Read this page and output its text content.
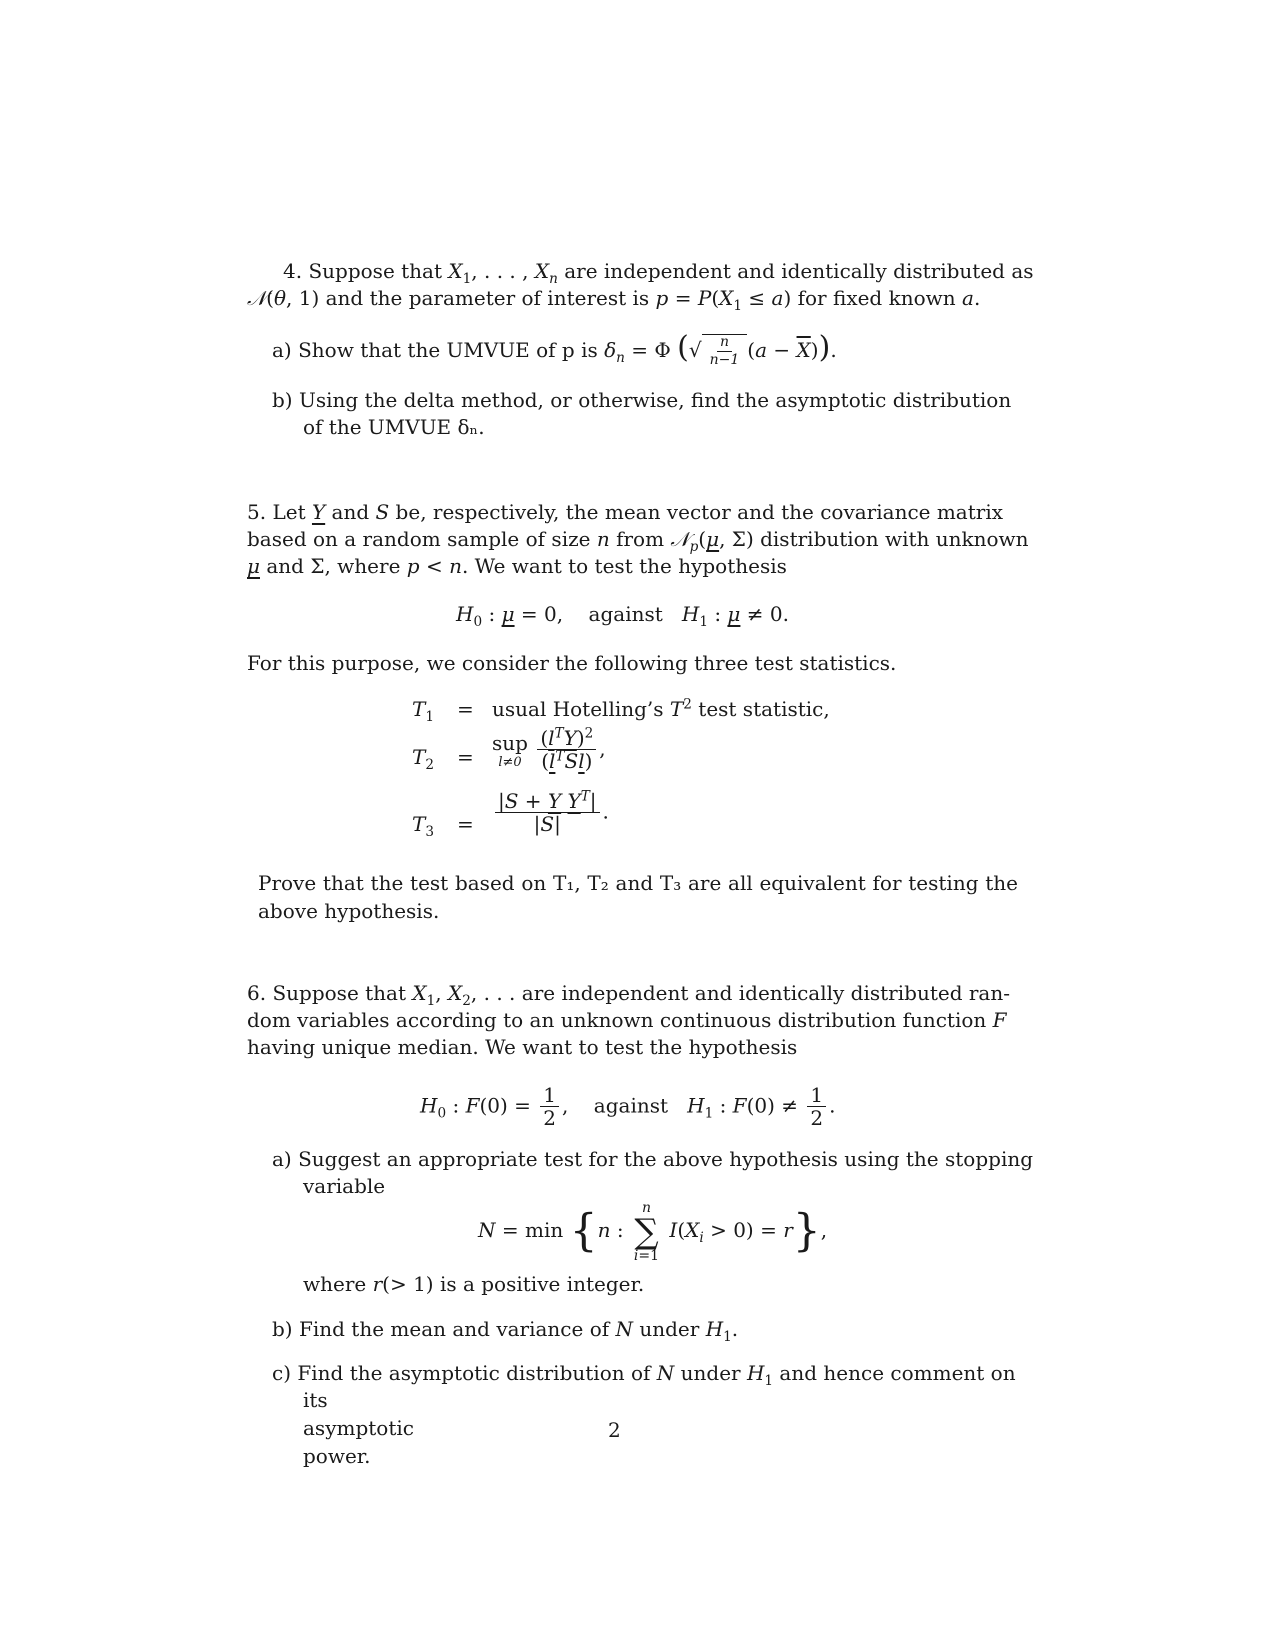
4. Suppose that $X_1$, . . . , $X_n$ are independent and identically distributed as
𝒩(θ, 1) and the parameter of interest is $p = P(X_1 \le a)$ for fixed known a.
a) Show that the UMVUE of p is $\delta_n = \Phi$ (√ $\frac{n}{n-1} (a - \overline{X})$).
b) Using the delta method, or otherwise, find the asymptotic distribution
of the UMVUE δₙ.
5. Let Y and S be, respectively, the mean vector and the covariance matrix
based on a random sample of size n from 𝒩$_p$(μ, Σ) distribution with unknown
μ and Σ, where p < n. We want to test the hypothesis
$H_0$ : μ = 0,    against $H_1$ : μ ≠ 0.
For this purpose, we consider the following three test statistics.
$T_1$ = usual Hotelling’s $T^2$ test statistic,
$T_2$ =
sup
l≠0
$\frac{(l^TY)^2}{(l^TSl)}$ ,
$T_3 = \frac{|S + Y Y^T|}{|S|}$ .
Prove that the test based on T₁, T₂ and T₃ are all equivalent for testing the above hypothesis.
6. Suppose that $X_1$, $X_2$, . . . are independent and identically distributed ran-
dom variables according to an unknown continuous distribution function F
having unique median. We want to test the hypothesis
$H_0$ : $F(0) = \frac{1}{2}$ ,    against $H_1$ : $F(0) \ne \frac{1}{2}$ .
a) Suggest an appropriate test for the above hypothesis using the stopping
variable
N = min {n :
n
∑
i=1
$I(X_i > 0) = r$},
where r(> 1) is a positive integer.
b) Find the mean and variance of N under $H_1$.
c) Find the asymptotic distribution of N under $H_1$ and hence comment on
its asymptotic power.
2
